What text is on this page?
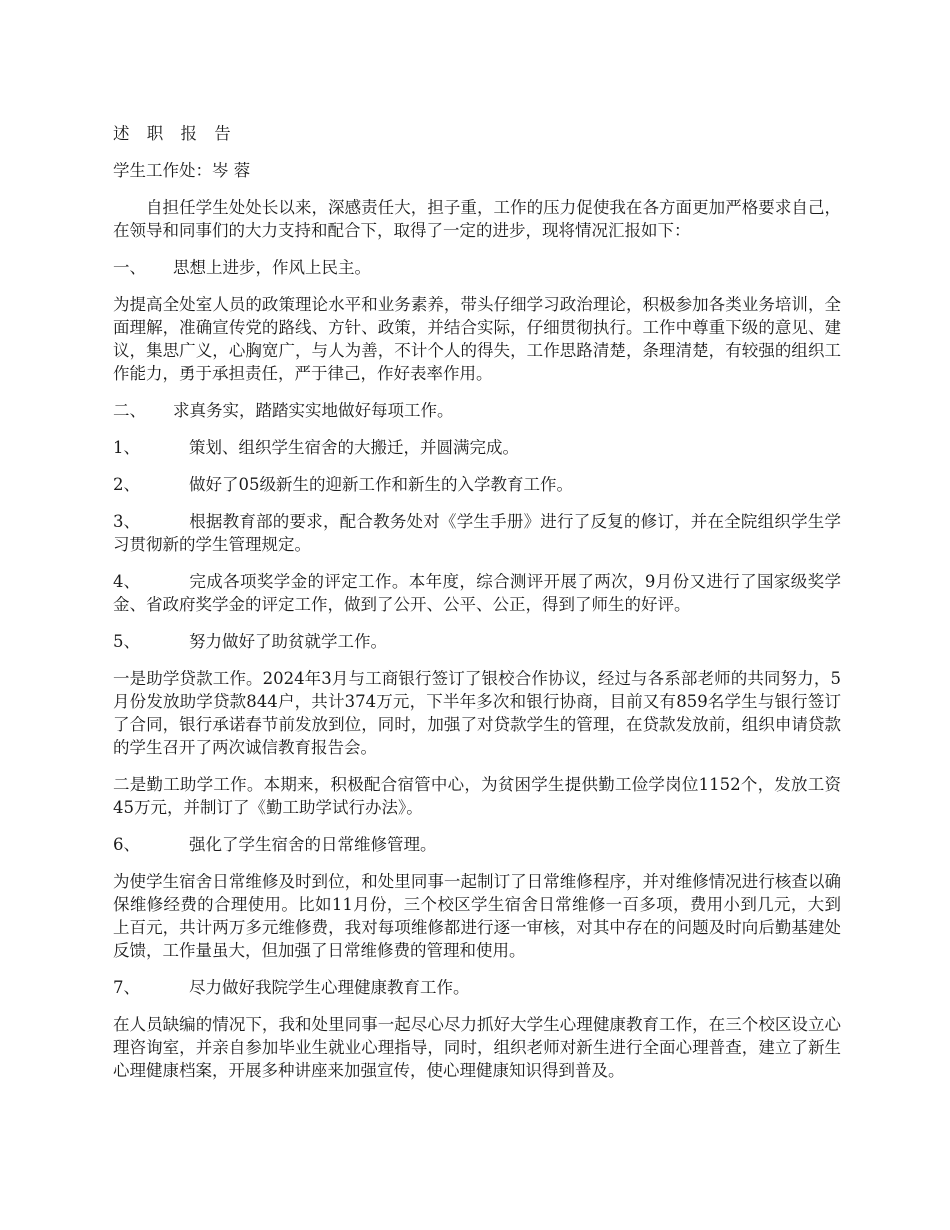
述 职 报 告

学生工作处：岑 蓉

自担任学生处处长以来，深感责任大，担子重，工作的压力促使我在各方面更加严格要求自己，在领导和同事们的大力支持和配合下，取得了一定的进步，现将情况汇报如下：

一、	思想上进步，作风上民主。

为提高全处室人员的政策理论水平和业务素养，带头仔细学习政治理论，积极参加各类业务培训，全面理解，准确宣传党的路线、方针、政策，并结合实际，仔细贯彻执行。工作中尊重下级的意见、建议，集思广义，心胸宽广，与人为善，不计个人的得失，工作思路清楚，条理清楚，有较强的组织工作能力，勇于承担责任，严于律己，作好表率作用。

二、	求真务实，踏踏实实地做好每项工作。
1、	策划、组织学生宿舍的大搬迁，并圆满完成。
2、	做好了05级新生的迎新工作和新生的入学教育工作。

3、	根据教育部的要求，配合教务处对《学生手册》进行了反复的修订，并在全院组织学生学习贯彻新的学生管理规定。

4、	完成各项奖学金的评定工作。本年度，综合测评开展了两次，9月份又进行了国家级奖学金、省政府奖学金的评定工作，做到了公开、公平、公正，得到了师生的好评。

5、	努力做好了助贫就学工作。

一是助学贷款工作。2024年3月与工商银行签订了银校合作协议，经过与各系部老师的共同努力，5月份发放助学贷款844户，共计374万元，下半年多次和银行协商，目前又有859名学生与银行签订了合同，银行承诺春节前发放到位，同时，加强了对贷款学生的管理，在贷款发放前，组织申请贷款的学生召开了两次诚信教育报告会。

二是勤工助学工作。本期来，积极配合宿管中心，为贫困学生提供勤工俭学岗位1152个，发放工资45万元，并制订了《勤工助学试行办法》。

6、	强化了学生宿舍的日常维修管理。

为使学生宿舍日常维修及时到位，和处里同事一起制订了日常维修程序，并对维修情况进行核查以确保维修经费的合理使用。比如11月份，三个校区学生宿舍日常维修一百多项，费用小到几元，大到上百元，共计两万多元维修费，我对每项维修都进行逐一审核，对其中存在的问题及时向后勤基建处反馈，工作量虽大，但加强了日常维修费的管理和使用。

7、	尽力做好我院学生心理健康教育工作。

在人员缺编的情况下，我和处里同事一起尽心尽力抓好大学生心理健康教育工作，在三个校区设立心理咨询室，并亲自参加毕业生就业心理指导，同时，组织老师对新生进行全面心理普查，建立了新生心理健康档案，开展多种讲座来加强宣传，使心理健康知识得到普及。
